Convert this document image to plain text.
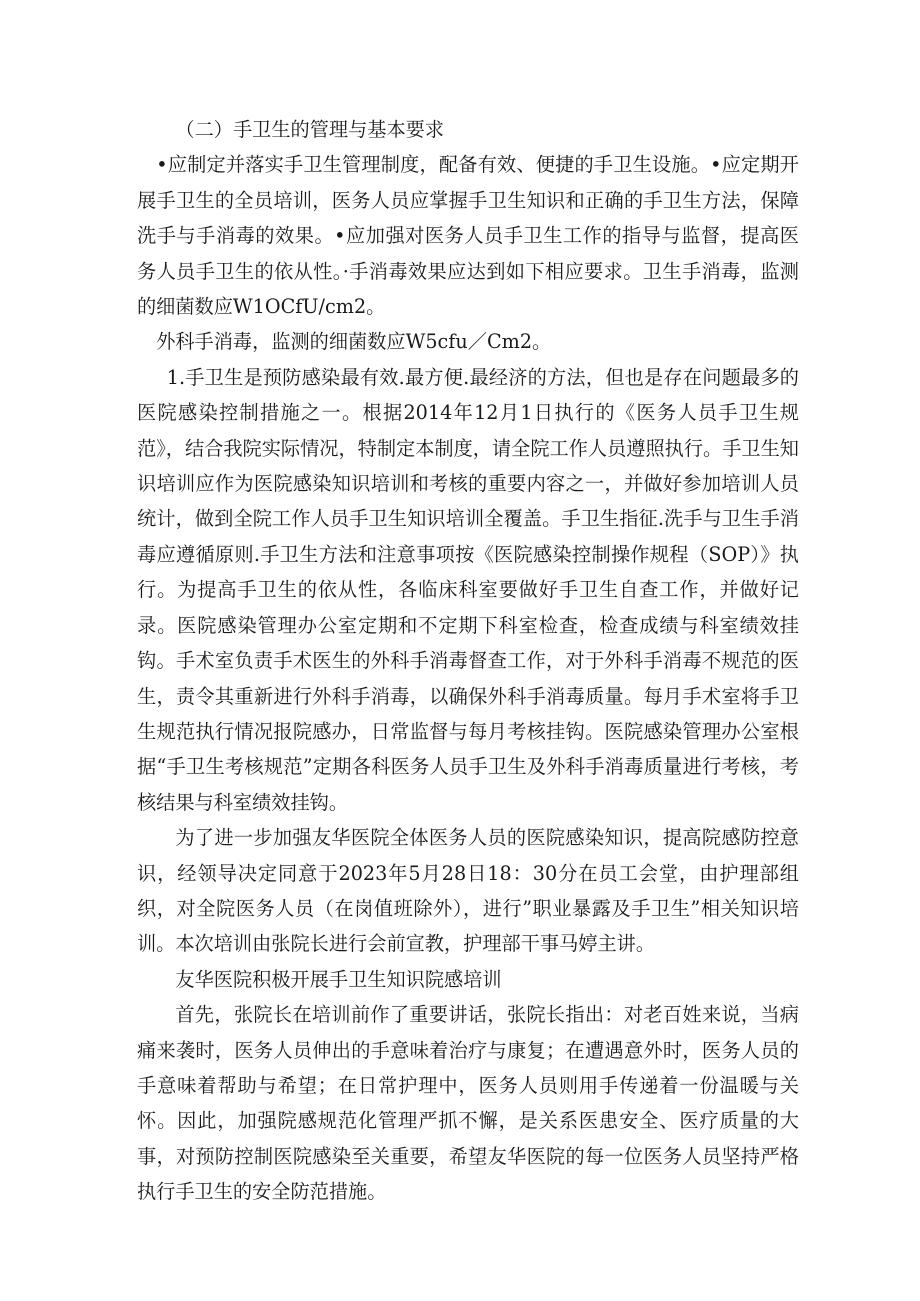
（二）手卫生的管理与基本要求

•应制定并落实手卫生管理制度，配备有效、便捷的手卫生设施。•应定期开展手卫生的全员培训，医务人员应掌握手卫生知识和正确的手卫生方法，保障洗手与手消毒的效果。•应加强对医务人员手卫生工作的指导与监督，提高医务人员手卫生的依从性。·手消毒效果应达到如下相应要求。卫生手消毒，监测的细菌数应W1OCfU/cm2。

外科手消毒，监测的细菌数应W5cfu／Cm2。

1.手卫生是预防感染最有效.最方便.最经济的方法，但也是存在问题最多的医院感染控制措施之一。根据2014年12月1日执行的《医务人员手卫生规范》，结合我院实际情况，特制定本制度，请全院工作人员遵照执行。手卫生知识培训应作为医院感染知识培训和考核的重要内容之一，并做好参加培训人员统计，做到全院工作人员手卫生知识培训全覆盖。手卫生指征.洗手与卫生手消毒应遵循原则.手卫生方法和注意事项按《医院感染控制操作规程（SOP）》执行。为提高手卫生的依从性，各临床科室要做好手卫生自查工作，并做好记录。医院感染管理办公室定期和不定期下科室检查，检查成绩与科室绩效挂钩。手术室负责手术医生的外科手消毒督查工作，对于外科手消毒不规范的医生，责令其重新进行外科手消毒，以确保外科手消毒质量。每月手术室将手卫生规范执行情况报院感办，日常监督与每月考核挂钩。医院感染管理办公室根据“手卫生考核规范”定期各科医务人员手卫生及外科手消毒质量进行考核，考核结果与科室绩效挂钩。

为了进一步加强友华医院全体医务人员的医院感染知识，提高院感防控意识，经领导决定同意于2023年5月28日18：30分在员工会堂，由护理部组织，对全院医务人员（在岗值班除外），进行”职业暴露及手卫生”相关知识培训。本次培训由张院长进行会前宣教，护理部干事马婷主讲。

友华医院积极开展手卫生知识院感培训

首先，张院长在培训前作了重要讲话，张院长指出：对老百姓来说，当病痛来袭时，医务人员伸出的手意味着治疗与康复；在遭遇意外时，医务人员的手意味着帮助与希望；在日常护理中，医务人员则用手传递着一份温暖与关怀。因此，加强院感规范化管理严抓不懈，是关系医患安全、医疗质量的大事，对预防控制医院感染至关重要，希望友华医院的每一位医务人员坚持严格执行手卫生的安全防范措施。
